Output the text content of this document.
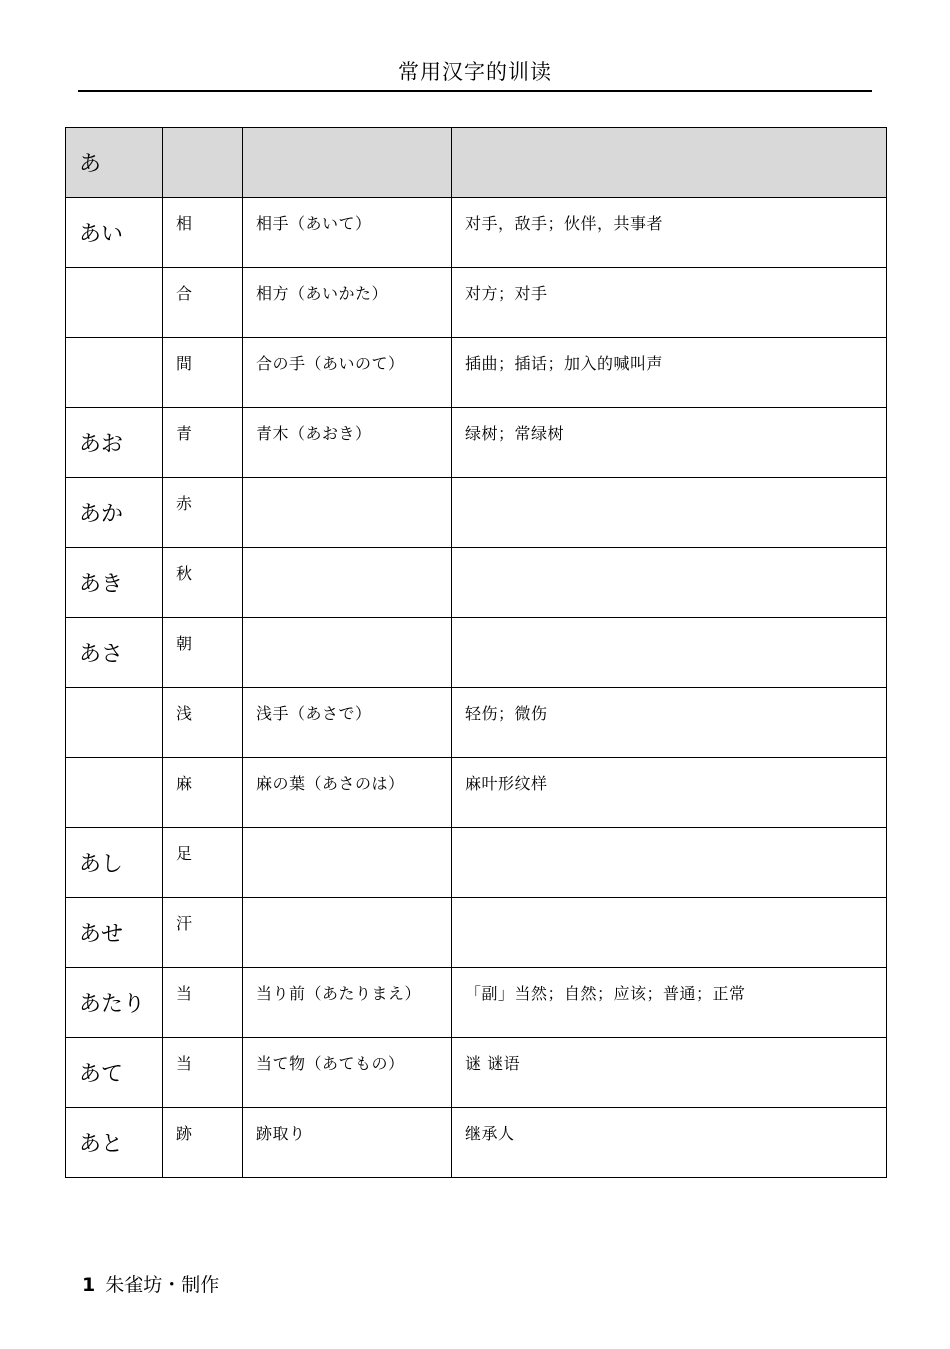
常用汉字的训读
あ			
あい	相	相手（あいて）	对手，敌手；伙伴，共事者
	合	相方（あいかた）	对方；对手
	間	合の手（あいのて）	插曲；插话；加入的喊叫声
あお	青	青木（あおき）	绿树；常绿树
あか	赤		
あき	秋		
あさ	朝		
	浅	浅手（あさで）	轻伤；微伤
	麻	麻の葉（あさのは）	麻叶形纹样
あし	足		
あせ	汗		
あたり	当	当り前（あたりまえ）	「副」当然；自然；应该；普通；正常
あて	当	当て物（あてもの）	谜 谜语
あと	跡	跡取り	继承人
1 朱雀坊・制作
